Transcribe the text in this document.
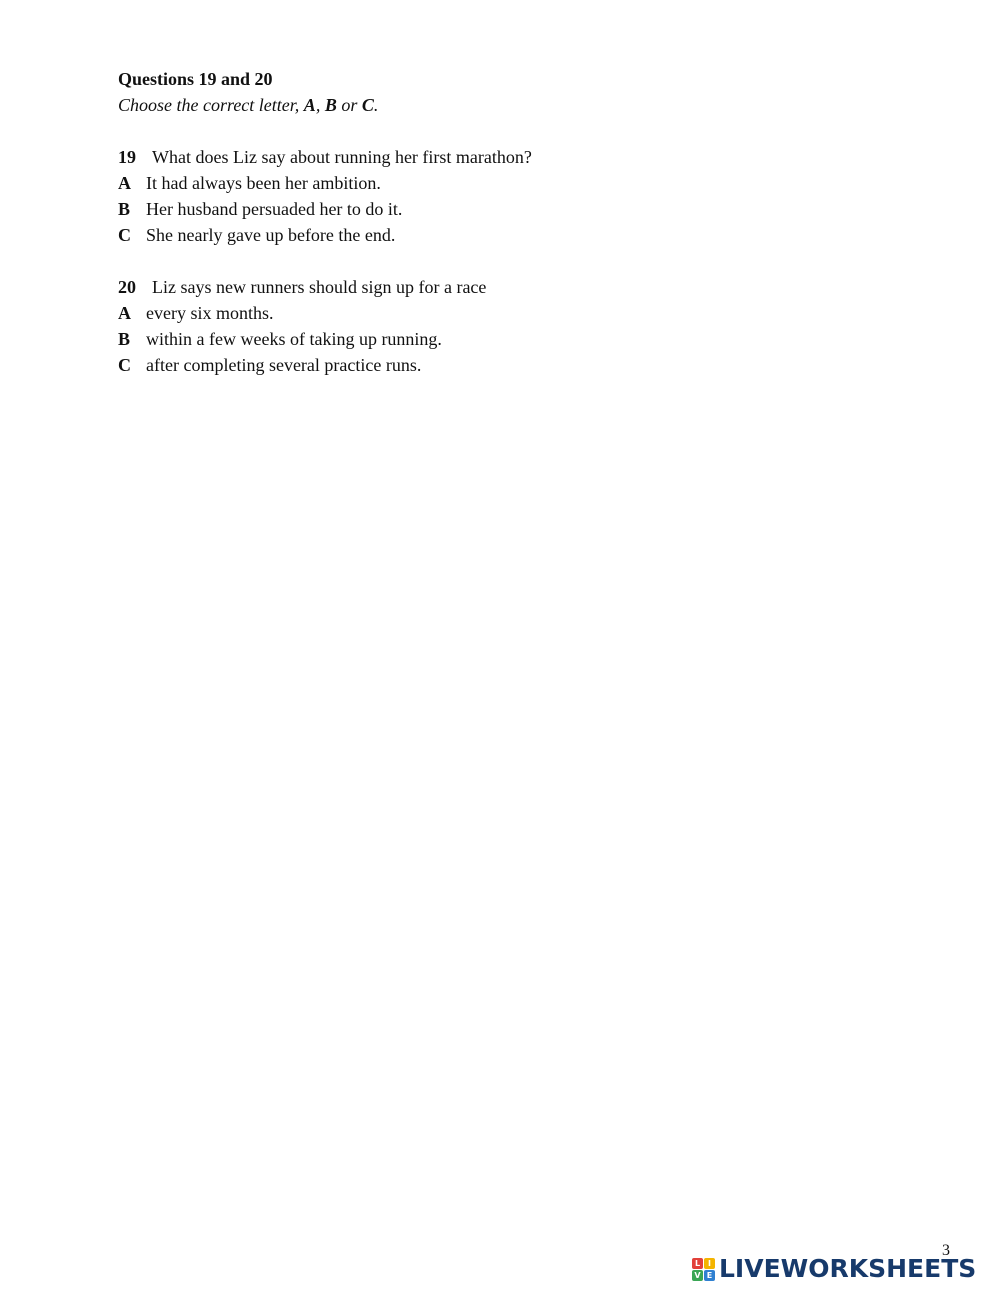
Questions 19 and 20
Choose the correct letter, A, B or C.
19 What does Liz say about running her first marathon?
A It had always been her ambition.
B Her husband persuaded her to do it.
C She nearly gave up before the end.
20 Liz says new runners should sign up for a race
A every six months.
B within a few weeks of taking up running.
C after completing several practice runs.
3
L I
V E LIVEWORKSHEETS
